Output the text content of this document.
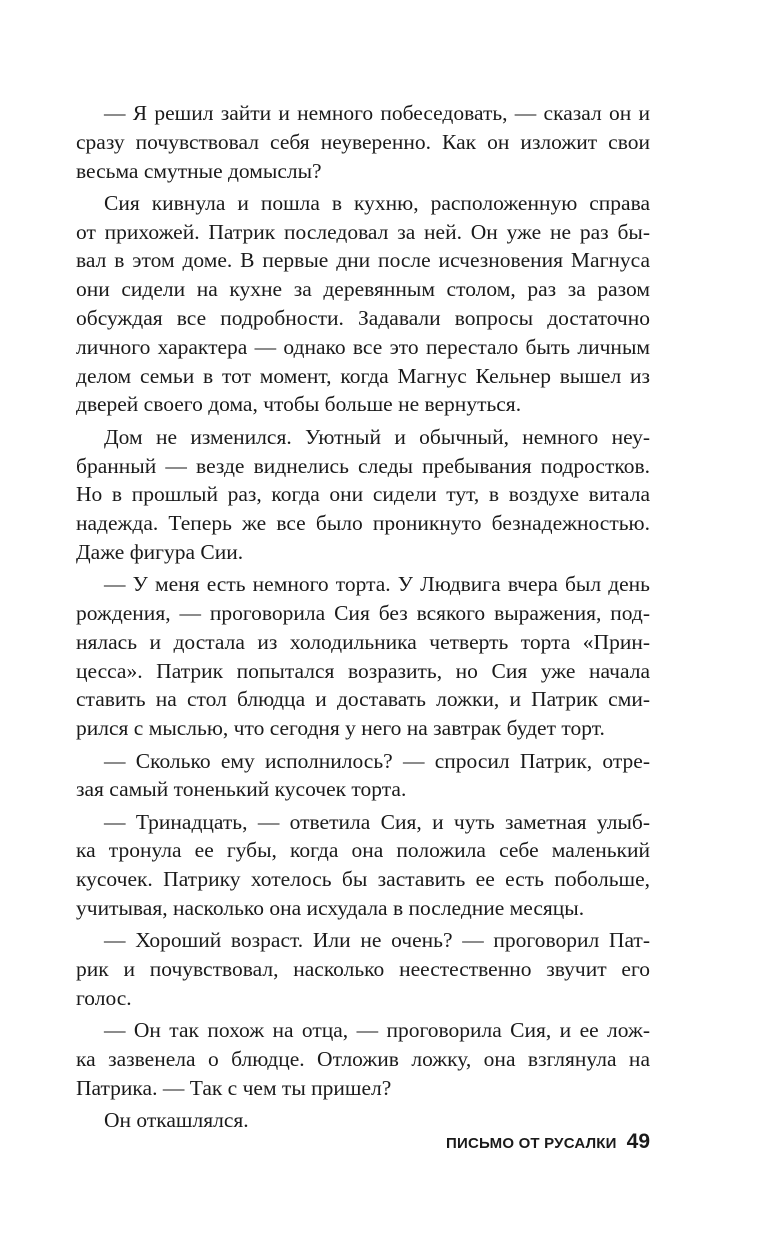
— Я решил зайти и немного побеседовать, — сказал он и
сразу почувствовал себя неуверенно. Как он изложит свои
весьма смутные домыслы?

Сия кивнула и пошла в кухню, расположенную справа
от прихожей. Патрик последовал за ней. Он уже не раз бы-
вал в этом доме. В первые дни после исчезновения Магнуса
они сидели на кухне за деревянным столом, раз за разом
обсуждая все подробности. Задавали вопросы достаточно
личного характера — однако все это перестало быть личным
делом семьи в тот момент, когда Магнус Кельнер вышел из
дверей своего дома, чтобы больше не вернуться.

Дом не изменился. Уютный и обычный, немного неу-
бранный — везде виднелись следы пребывания подростков.
Но в прошлый раз, когда они сидели тут, в воздухе витала
надежда. Теперь же все было проникнуто безнадежностью.
Даже фигура Сии.

— У меня есть немного торта. У Людвига вчера был день
рождения, — проговорила Сия без всякого выражения, под-
нялась и достала из холодильника четверть торта «Прин-
цесса». Патрик попытался возразить, но Сия уже начала
ставить на стол блюдца и доставать ложки, и Патрик сми-
рился с мыслью, что сегодня у него на завтрак будет торт.

— Сколько ему исполнилось? — спросил Патрик, отре-
зая самый тоненький кусочек торта.

— Тринадцать, — ответила Сия, и чуть заметная улыб-
ка тронула ее губы, когда она положила себе маленький
кусочек. Патрику хотелось бы заставить ее есть побольше,
учитывая, насколько она исхудала в последние месяцы.

— Хороший возраст. Или не очень? — проговорил Пат-
рик и почувствовал, насколько неестественно звучит его
голос.

— Он так похож на отца, — проговорила Сия, и ее лож-
ка зазвенела о блюдце. Отложив ложку, она взглянула на
Патрика. — Так с чем ты пришел?

Он откашлялся.

ПИСЬМО ОТ РУСАЛКИ 49
